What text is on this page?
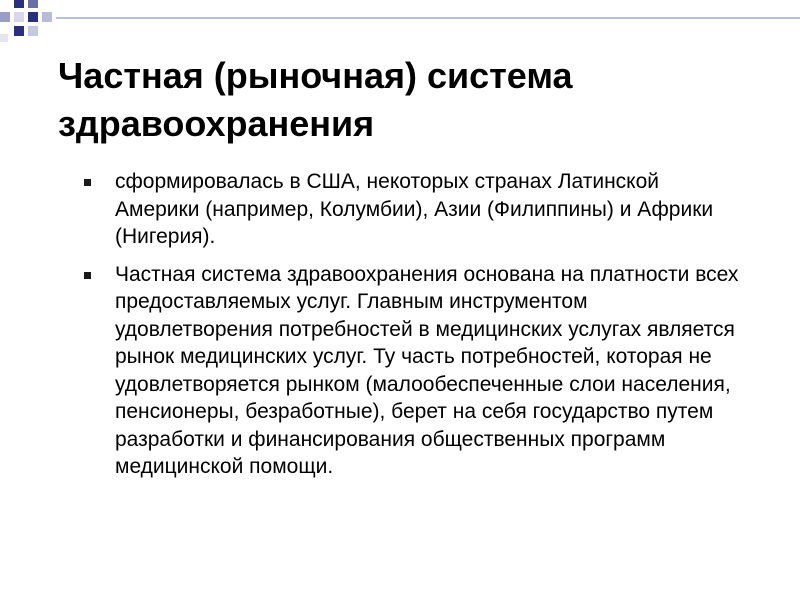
Частная (рыночная) система здравоохранения
сформировалась в США, некоторых странах Латинской Америки (например, Колумбии), Азии (Филиппины) и Африки (Нигерия).
Частная система здравоохранения основана на платности всех предоставляемых услуг. Главным инструментом удовлетворения потребностей в медицинских услугах является рынок медицинских услуг. Ту часть потребностей, которая не удовлетворяется рынком (малообеспеченные слои населения, пенсионеры, безработные), берет на себя государство путем разработки и финансирования общественных программ медицинской помощи.
